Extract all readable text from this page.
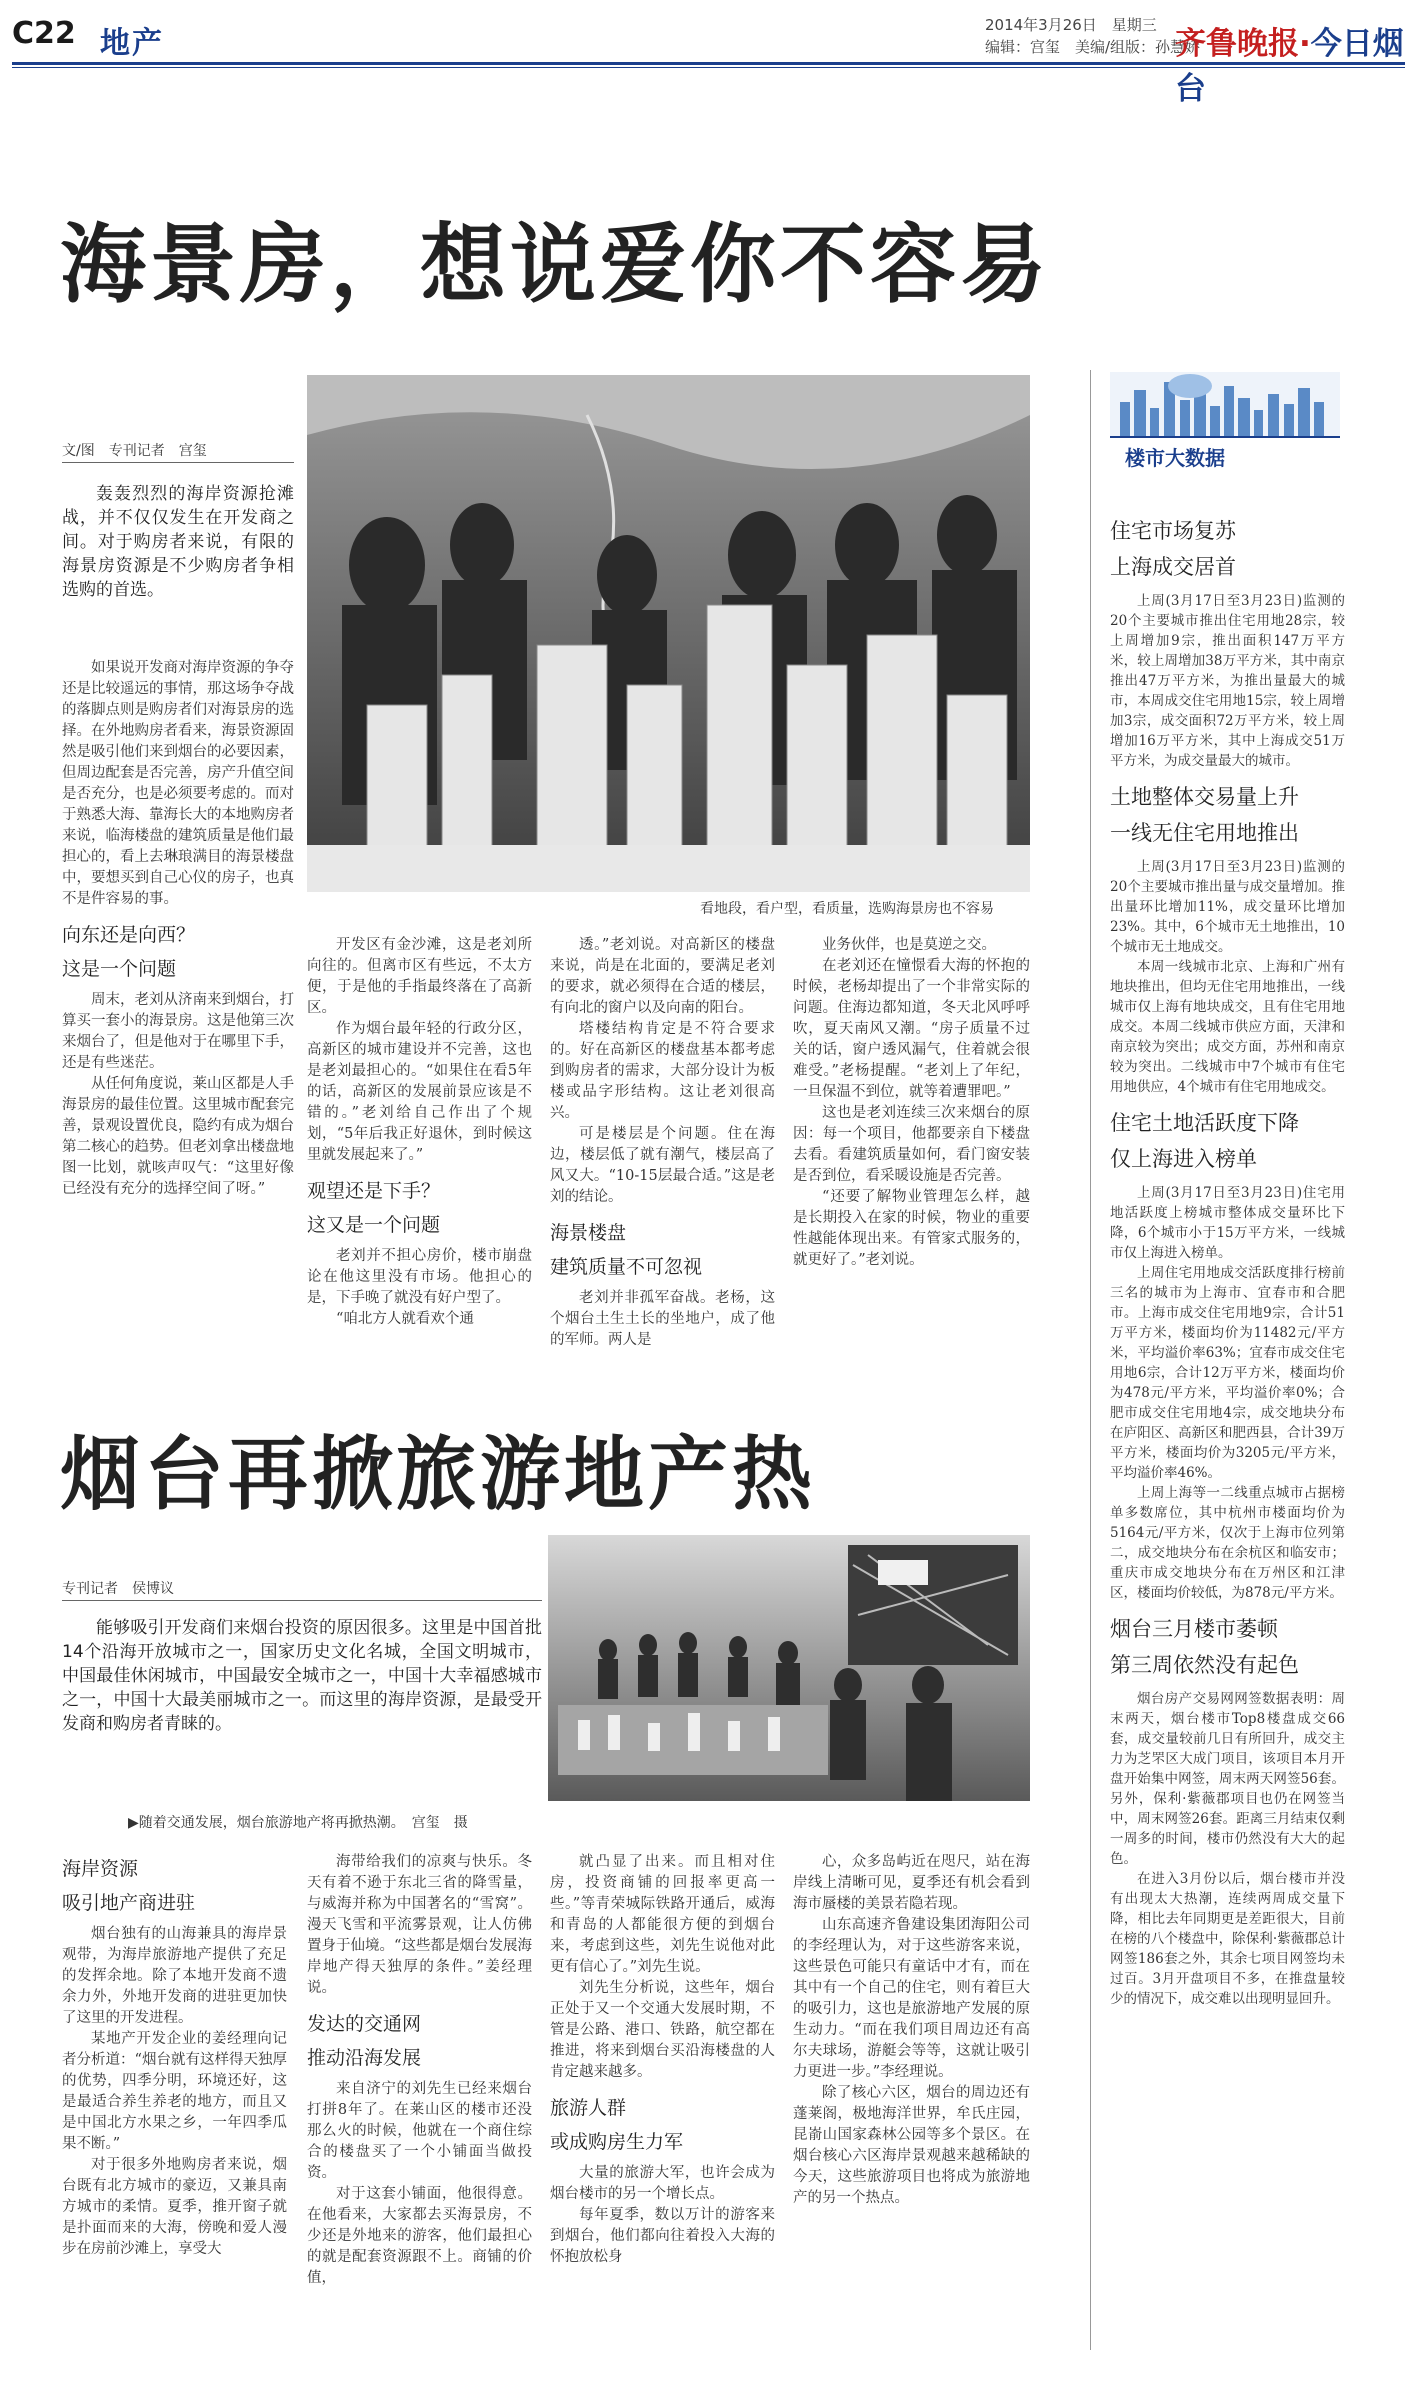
C22 地产
2014年3月26日　星期三
编辑：宫玺　美编/组版：孙慧娇
齐鲁晚报·今日烟台
海景房，想说爱你不容易
文/图　专刊记者　宫玺
轰轰烈烈的海岸资源抢滩战，并不仅仅发生在开发商之间。对于购房者来说，有限的海景房资源是不少购房者争相选购的首选。

如果说开发商对海岸资源的争夺还是比较遥远的事情，那这场争夺战的落脚点则是购房者们对海景房的选择。在外地购房者看来，海景资源固然是吸引他们来到烟台的必要因素，但周边配套是否完善，房产升值空间是否充分，也是必须要考虑的。而对于熟悉大海、靠海长大的本地购房者来说，临海楼盘的建筑质量是他们最担心的，看上去琳琅满目的海景楼盘中，要想买到自己心仪的房子，也真不是件容易的事。

向东还是向西？
这是一个问题

周末，老刘从济南来到烟台，打算买一套小的海景房。这是他第三次来烟台了，但是他对于在哪里下手，还是有些迷茫。

从任何角度说，莱山区都是人手海景房的最佳位置。这里城市配套完善，景观设置优良，隐约有成为烟台第二核心的趋势。但老刘拿出楼盘地图一比划，就咳声叹气：“这里好像已经没有充分的选择空间了呀。”

看地段，看户型，看质量，选购海景房也不容易

开发区有金沙滩，这是老刘所向往的。但离市区有些远，不太方便，于是他的手指最终落在了高新区。

作为烟台最年轻的行政分区，高新区的城市建设并不完善，这也是老刘最担心的。“如果住在看5年的话，高新区的发展前景应该是不错的。”老刘给自己作出了个规划，“5年后我正好退休，到时候这里就发展起来了。”

观望还是下手？
这又是一个问题

老刘并不担心房价，楼市崩盘论在他这里没有市场。他担心的是，下手晚了就没有好户型了。

“咱北方人就看欢个通

透。”老刘说。对高新区的楼盘来说，尚是在北面的，要满足老刘的要求，就必须得在合适的楼层，有向北的窗户以及向南的阳台。

塔楼结构肯定是不符合要求的。好在高新区的楼盘基本都考虑到购房者的需求，大部分设计为板楼或品字形结构。这让老刘很高兴。

可是楼层是个问题。住在海边，楼层低了就有潮气，楼层高了风又大。“10-15层最合适。”这是老刘的结论。

海景楼盘
建筑质量不可忽视

老刘并非孤军奋战。老杨，这个烟台土生土长的坐地户，成了他的军师。两人是

业务伙伴，也是莫逆之交。

在老刘还在憧憬看大海的怀抱的时候，老杨却提出了一个非常实际的问题。住海边都知道，冬天北风呼呼吹，夏天南风又潮。“房子质量不过关的话，窗户透风漏气，住着就会很难受。”老杨提醒。“老刘上了年纪，一旦保温不到位，就等着遭罪吧。”

这也是老刘连续三次来烟台的原因：每一个项目，他都要亲自下楼盘去看。看建筑质量如何，看门窗安装是否到位，看采暖设施是否完善。

“还要了解物业管理怎么样，越是长期投入在家的时候，物业的重要性越能体现出来。有管家式服务的，就更好了。”老刘说。

楼市大数据
住宅市场复苏
上海成交居首

上周(3月17日至3月23日)监测的20个主要城市推出住宅用地28宗，较上周增加9宗，推出面积147万平方米，较上周增加38万平方米，其中南京推出47万平方米，为推出量最大的城市，本周成交住宅用地15宗，较上周增加3宗，成交面积72万平方米，较上周增加16万平方米，其中上海成交51万平方米，为成交量最大的城市。

土地整体交易量上升
一线无住宅用地推出

上周(3月17日至3月23日)监测的20个主要城市推出量与成交量增加。推出量环比增加11%，成交量环比增加23%。其中，6个城市无土地推出，10个城市无土地成交。

本周一线城市北京、上海和广州有地块推出，但均无住宅用地推出，一线城市仅上海有地块成交，且有住宅用地成交。本周二线城市供应方面，天津和南京较为突出；成交方面，苏州和南京较为突出。二线城市中7个城市有住宅用地供应，4个城市有住宅用地成交。

住宅土地活跃度下降
仅上海进入榜单

上周(3月17日至3月23日)住宅用地活跃度上榜城市整体成交量环比下降，6个城市小于15万平方米，一线城市仅上海进入榜单。

上周住宅用地成交活跃度排行榜前三名的城市为上海市、宜春市和合肥市。上海市成交住宅用地9宗，合计51万平方米，楼面均价为11482元/平方米，平均溢价率63%；宜春市成交住宅用地6宗，合计12万平方米，楼面均价为478元/平方米，平均溢价率0%；合肥市成交住宅用地4宗，成交地块分布在庐阳区、高新区和肥西县，合计39万平方米，楼面均价为3205元/平方米，平均溢价率46%。

上周上海等一二线重点城市占据榜单多数席位，其中杭州市楼面均价为5164元/平方米，仅次于上海市位列第二，成交地块分布在余杭区和临安市；重庆市成交地块分布在万州区和江津区，楼面均价较低，为878元/平方米。

烟台三月楼市萎顿
第三周依然没有起色

烟台房产交易网网签数据表明：周末两天，烟台楼市Top8楼盘成交66套，成交量较前几日有所回升，成交主力为芝罘区大成门项目，该项目本月开盘开始集中网签，周末两天网签56套。另外，保利·紫薇郡项目也仍在网签当中，周末网签26套。距离三月结束仅剩一周多的时间，楼市仍然没有大大的起色。

在进入3月份以后，烟台楼市并没有出现太大热潮，连续两周成交量下降，相比去年同期更是差距很大，目前在榜的八个楼盘中，除保利·紫薇郡总计网签186套之外，其余七项目网签均未过百。3月开盘项目不多，在推盘量较少的情况下，成交难以出现明显回升。

烟台再掀旅游地产热
专刊记者　侯博议
能够吸引开发商们来烟台投资的原因很多。这里是中国首批14个沿海开放城市之一，国家历史文化名城，全国文明城市，中国最佳休闲城市，中国最安全城市之一，中国十大幸福感城市之一，中国十大最美丽城市之一。而这里的海岸资源，是最受开发商和购房者青睐的。
▶随着交通发展，烟台旅游地产将再掀热潮。　宫玺　摄
海岸资源
吸引地产商进驻

烟台独有的山海兼具的海岸景观带，为海岸旅游地产提供了充足的发挥余地。除了本地开发商不遗余力外，外地开发商的进驻更加快了这里的开发进程。

某地产开发企业的姜经理向记者分析道：“烟台就有这样得天独厚的优势，四季分明，环境还好，这是最适合养生养老的地方，而且又是中国北方水果之乡，一年四季瓜果不断。”

对于很多外地购房者来说，烟台既有北方城市的豪迈，又兼具南方城市的柔情。夏季，推开窗子就是扑面而来的大海，傍晚和爱人漫步在房前沙滩上，享受大

海带给我们的凉爽与快乐。冬天有着不逊于东北三省的降雪量，与威海并称为中国著名的“雪窝”。漫天飞雪和平流雾景观，让人仿佛置身于仙境。“这些都是烟台发展海岸地产得天独厚的条件。”姜经理说。

发达的交通网
推动沿海发展

来自济宁的刘先生已经来烟台打拼8年了。在莱山区的楼市还没那么火的时候，他就在一个商住综合的楼盘买了一个小铺面当做投资。

对于这套小铺面，他很得意。在他看来，大家都去买海景房，不少还是外地来的游客，他们最担心的就是配套资源跟不上。商铺的价值，

就凸显了出来。而且相对住房，投资商铺的回报率更高一些。”等青荣城际铁路开通后，威海和青岛的人都能很方便的到烟台来，考虑到这些，刘先生说他对此更有信心了。”刘先生说。

刘先生分析说，这些年，烟台正处于又一个交通大发展时期，不管是公路、港口、铁路，航空都在推进，将来到烟台买沿海楼盘的人肯定越来越多。

旅游人群
或成购房生力军

大量的旅游大军，也许会成为烟台楼市的另一个增长点。

每年夏季，数以万计的游客来到烟台，他们都向往着投入大海的怀抱放松身

心，众多岛屿近在咫尺，站在海岸线上清晰可见，夏季还有机会看到海市蜃楼的美景若隐若现。

山东高速齐鲁建设集团海阳公司的李经理认为，对于这些游客来说，这些景色可能只有童话中才有，而在其中有一个自己的住宅，则有着巨大的吸引力，这也是旅游地产发展的原生动力。“而在我们项目周边还有高尔夫球场，游艇会等等，这就让吸引力更进一步。”李经理说。

除了核心六区，烟台的周边还有蓬莱阁，极地海洋世界，牟氏庄园，昆嵛山国家森林公园等多个景区。在烟台核心六区海岸景观越来越稀缺的今天，这些旅游项目也将成为旅游地产的另一个热点。
